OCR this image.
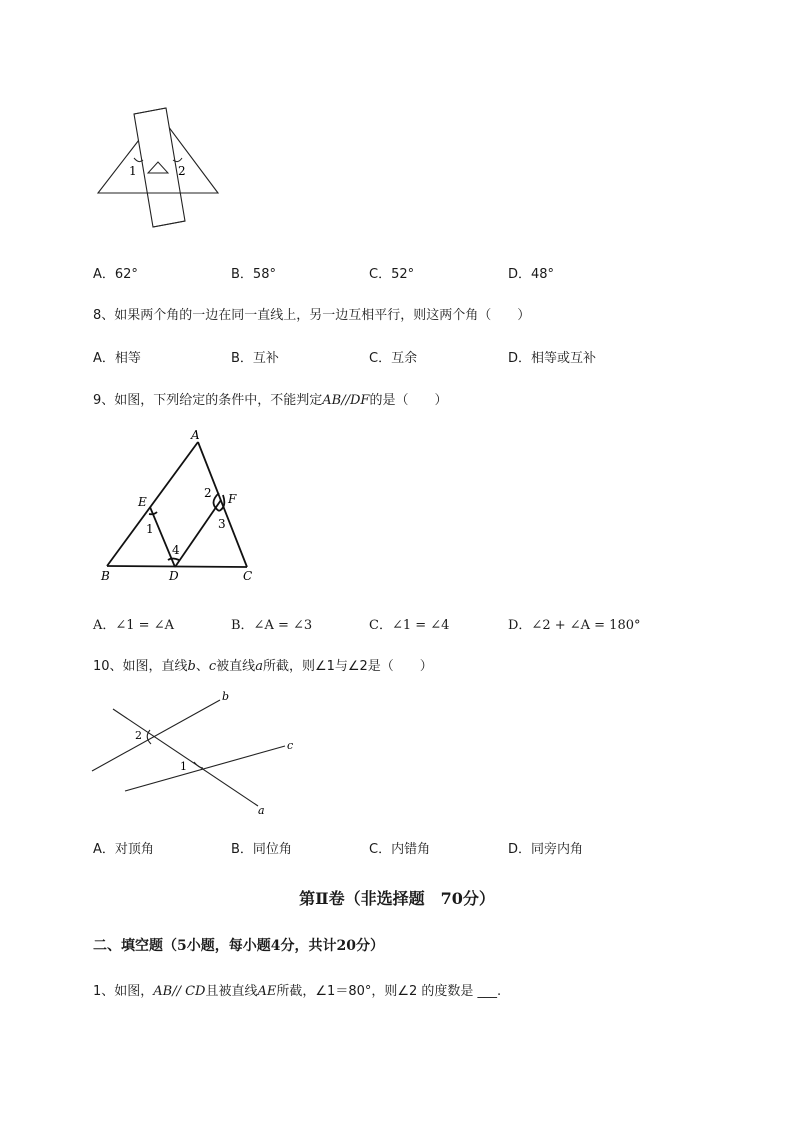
1	2
A．62°	B．58°	C．52°	D．48°
8、如果两个角的一边在同一直线上，另一边互相平行，则这两个角（　　）
A．相等	B．互补	C．互余	D．相等或互补
9、如图，下列给定的条件中，不能判定AB//DF的是（　　）
A
E	F
B	D	C
1
2
3
4
A．∠1 = ∠A	B．∠A = ∠3	C．∠1 = ∠4	D．∠2 + ∠A = 180°
10、如图，直线b、c被直线a所截，则∠1与∠2是（　　）
b
c
a
2
1
A．对顶角	B．同位角	C．内错角	D．同旁内角
第Ⅱ卷（非选择题　70分）
二、填空题（5小题，每小题4分，共计20分）
1、如图，AB// CD且被直线AE所截，∠1＝80°，则∠2 的度数是 ___.
